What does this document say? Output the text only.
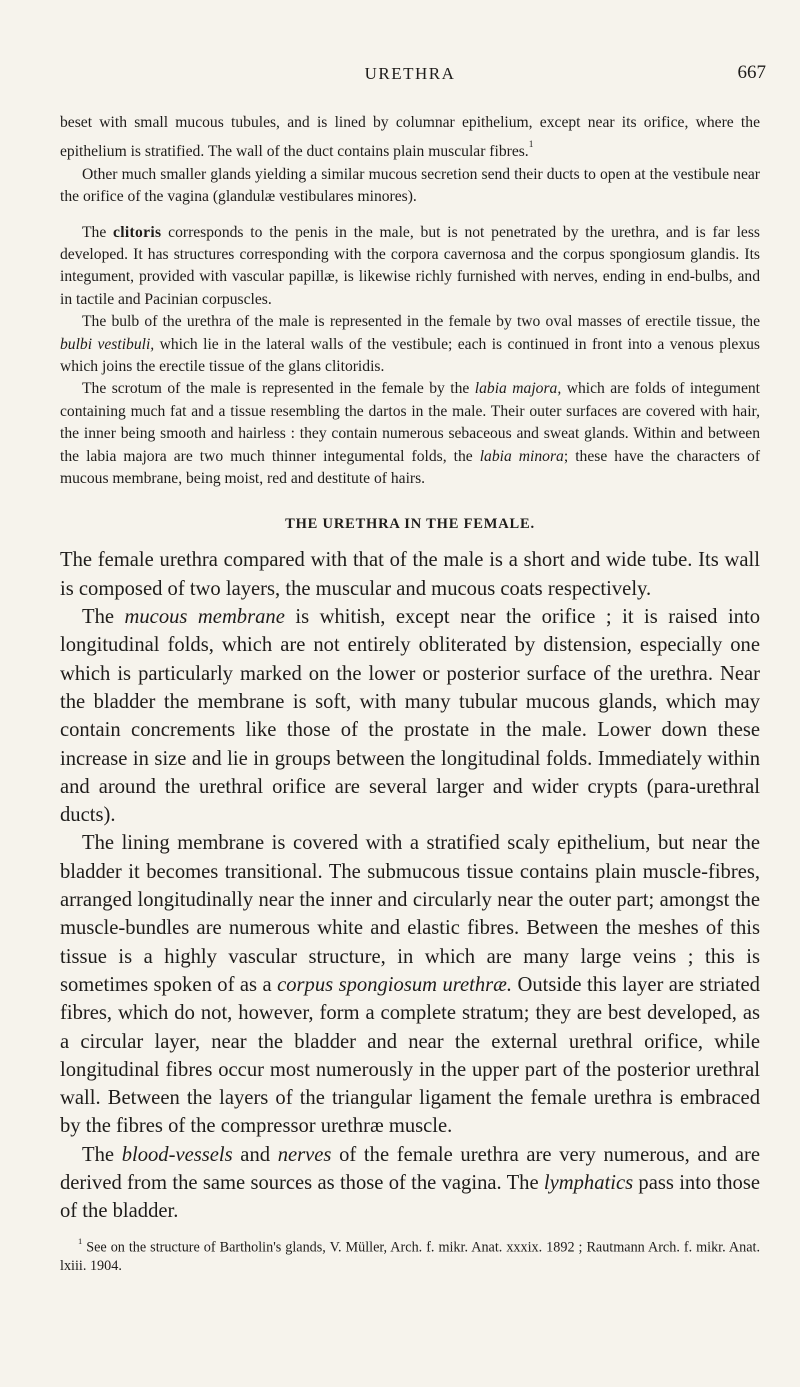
URETHRA	667

beset with small mucous tubules, and is lined by columnar epithelium, except near its orifice, where the epithelium is stratified. The wall of the duct contains plain muscular fibres.$^1$

Other much smaller glands yielding a similar mucous secretion send their ducts to open at the vestibule near the orifice of the vagina (glandulæ vestibulares minores).

The clitoris corresponds to the penis in the male, but is not penetrated by the urethra, and is far less developed. It has structures corresponding with the corpora cavernosa and the corpus spongiosum glandis. Its integument, provided with vascular papillæ, is likewise richly furnished with nerves, ending in end-bulbs, and in tactile and Pacinian corpuscles.

The bulb of the urethra of the male is represented in the female by two oval masses of erectile tissue, the bulbi vestibuli, which lie in the lateral walls of the vestibule; each is continued in front into a venous plexus which joins the erectile tissue of the glans clitoridis.

The scrotum of the male is represented in the female by the labia majora, which are folds of integument containing much fat and a tissue resembling the dartos in the male. Their outer surfaces are covered with hair, the inner being smooth and hairless : they contain numerous sebaceous and sweat glands. Within and between the labia majora are two much thinner integumental folds, the labia minora; these have the characters of mucous membrane, being moist, red and destitute of hairs.

THE URETHRA IN THE FEMALE.

The female urethra compared with that of the male is a short and wide tube. Its wall is composed of two layers, the muscular and mucous coats respectively.

The mucous membrane is whitish, except near the orifice ; it is raised into longitudinal folds, which are not entirely obliterated by distension, especially one which is particularly marked on the lower or posterior surface of the urethra. Near the bladder the membrane is soft, with many tubular mucous glands, which may contain concrements like those of the prostate in the male. Lower down these increase in size and lie in groups between the longitudinal folds. Immediately within and around the urethral orifice are several larger and wider crypts (para-urethral ducts).

The lining membrane is covered with a stratified scaly epithelium, but near the bladder it becomes transitional. The submucous tissue contains plain muscle-fibres, arranged longitudinally near the inner and circularly near the outer part; amongst the muscle-bundles are numerous white and elastic fibres. Between the meshes of this tissue is a highly vascular structure, in which are many large veins ; this is sometimes spoken of as a corpus spongiosum urethræ. Outside this layer are striated fibres, which do not, however, form a complete stratum; they are best developed, as a circular layer, near the bladder and near the external urethral orifice, while longitudinal fibres occur most numerously in the upper part of the posterior urethral wall. Between the layers of the triangular ligament the female urethra is embraced by the fibres of the compressor urethræ muscle.

The blood-vessels and nerves of the female urethra are very numerous, and are derived from the same sources as those of the vagina. The lymphatics pass into those of the bladder.

$^1$ See on the structure of Bartholin's glands, V. Müller, Arch. f. mikr. Anat. xxxix. 1892 ; Rautmann Arch. f. mikr. Anat. lxiii. 1904.
